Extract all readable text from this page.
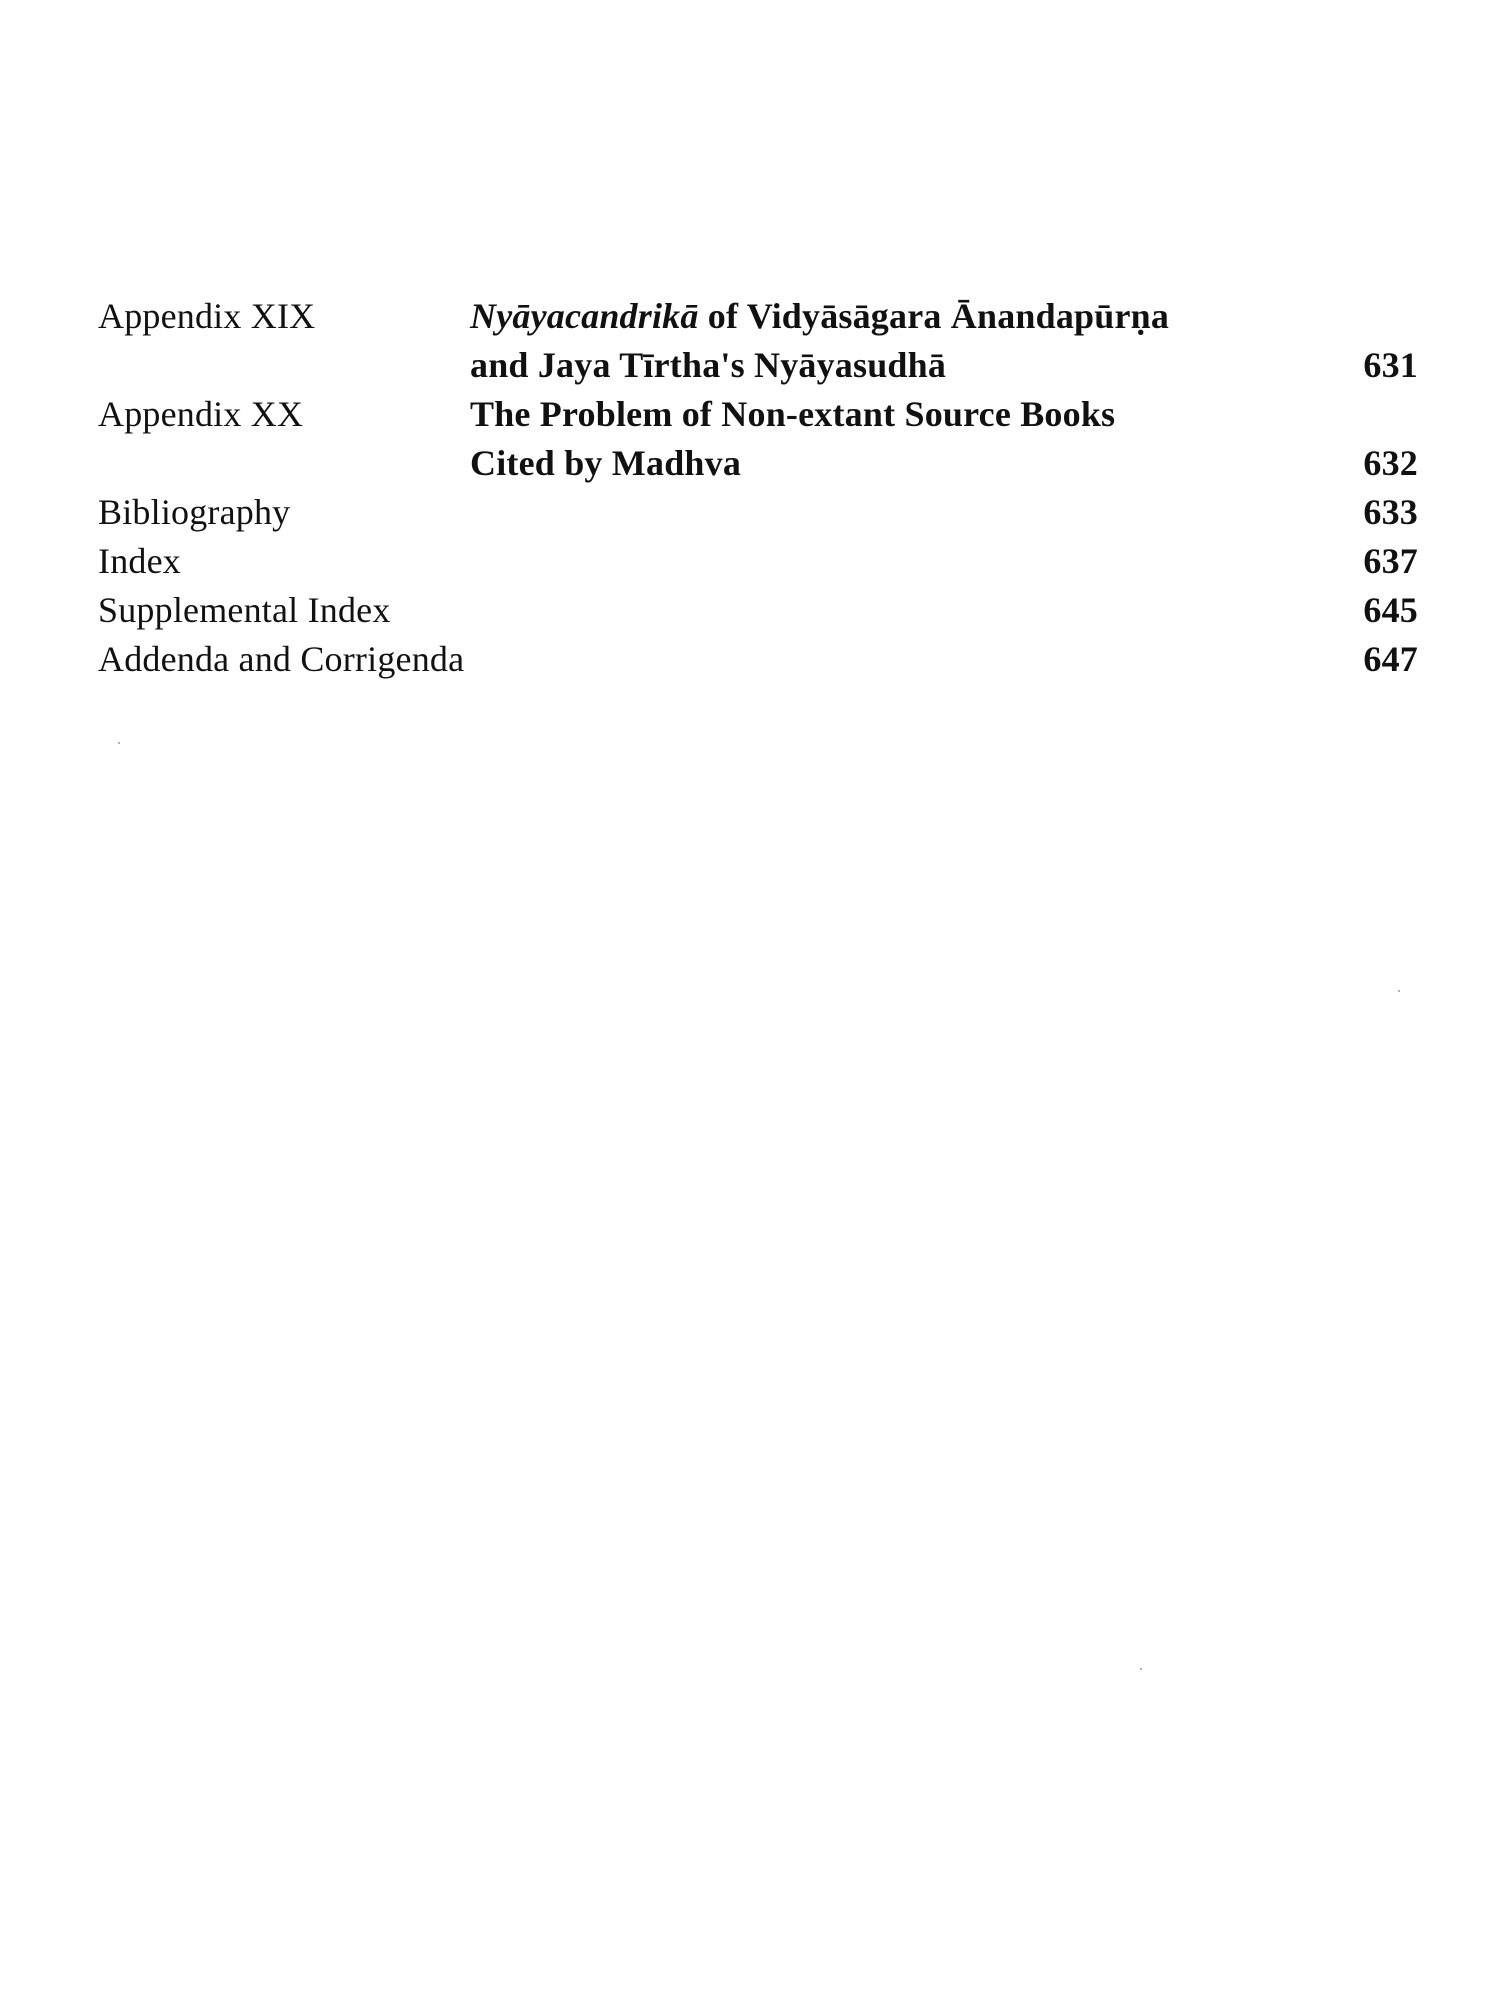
Appendix XIX	Nyāyacandrikā of Vidyāsāgara Ānandapūrṇa
and Jaya Tīrtha's Nyāyasudhā	631
Appendix XX	The Problem of Non-extant Source Books
Cited by Madhva	632
Bibliography	633
Index	637
Supplemental Index	645
Addenda and Corrigenda	647
